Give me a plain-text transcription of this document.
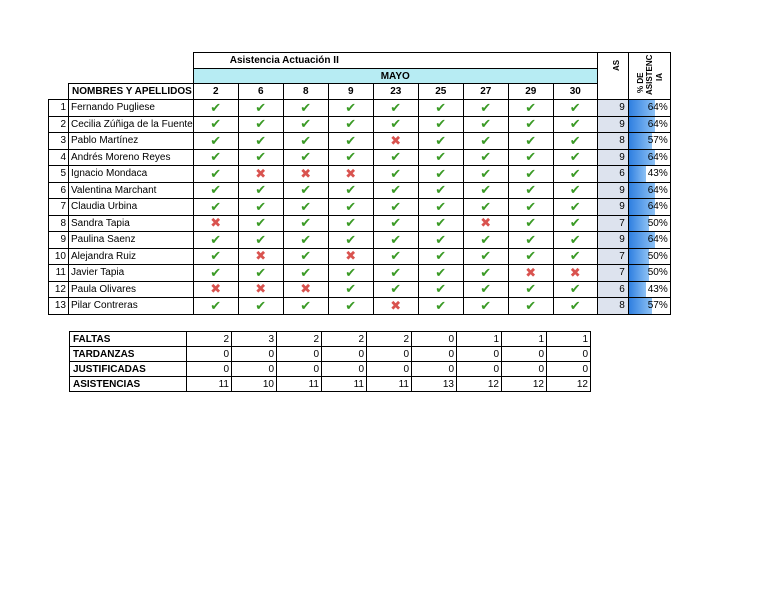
		Asistencia Actuación II									AS	% DE ASISTENC IA

		MAYO										
	NOMBRES Y APELLIDOS	2	6	8	9	23	25	27	29	30		
1	Fernando Pugliese	✔	✔	✔	✔	✔	✔	✔	✔	✔	9	64%
2	Cecilia Zúñiga de la Fuente	✔	✔	✔	✔	✔	✔	✔	✔	✔	9	64%
3	Pablo Martínez	✔	✔	✔	✔	✖	✔	✔	✔	✔	8	57%
4	Andrés Moreno Reyes	✔	✔	✔	✔	✔	✔	✔	✔	✔	9	64%
5	Ignacio Mondaca	✔	✖	✖	✖	✔	✔	✔	✔	✔	6	43%
6	Valentina Marchant	✔	✔	✔	✔	✔	✔	✔	✔	✔	9	64%
7	Claudia Urbina	✔	✔	✔	✔	✔	✔	✔	✔	✔	9	64%
8	Sandra Tapia	✖	✔	✔	✔	✔	✔	✖	✔	✔	7	50%
9	Paulina Saenz	✔	✔	✔	✔	✔	✔	✔	✔	✔	9	64%
10	Alejandra Ruiz	✔	✖	✔	✖	✔	✔	✔	✔	✔	7	50%
11	Javier Tapia	✔	✔	✔	✔	✔	✔	✔	✖	✖	7	50%
12	Paula Olivares	✖	✖	✖	✔	✔	✔	✔	✔	✔	6	43%
13	Pilar Contreras	✔	✔	✔	✔	✖	✔	✔	✔	✔	8	57%
FALTAS	2	3	2	2	2	0	1	1	1
TARDANZAS	0	0	0	0	0	0	0	0	0
JUSTIFICADAS	0	0	0	0	0	0	0	0	0
ASISTENCIAS	11	10	11	11	11	13	12	12	12
